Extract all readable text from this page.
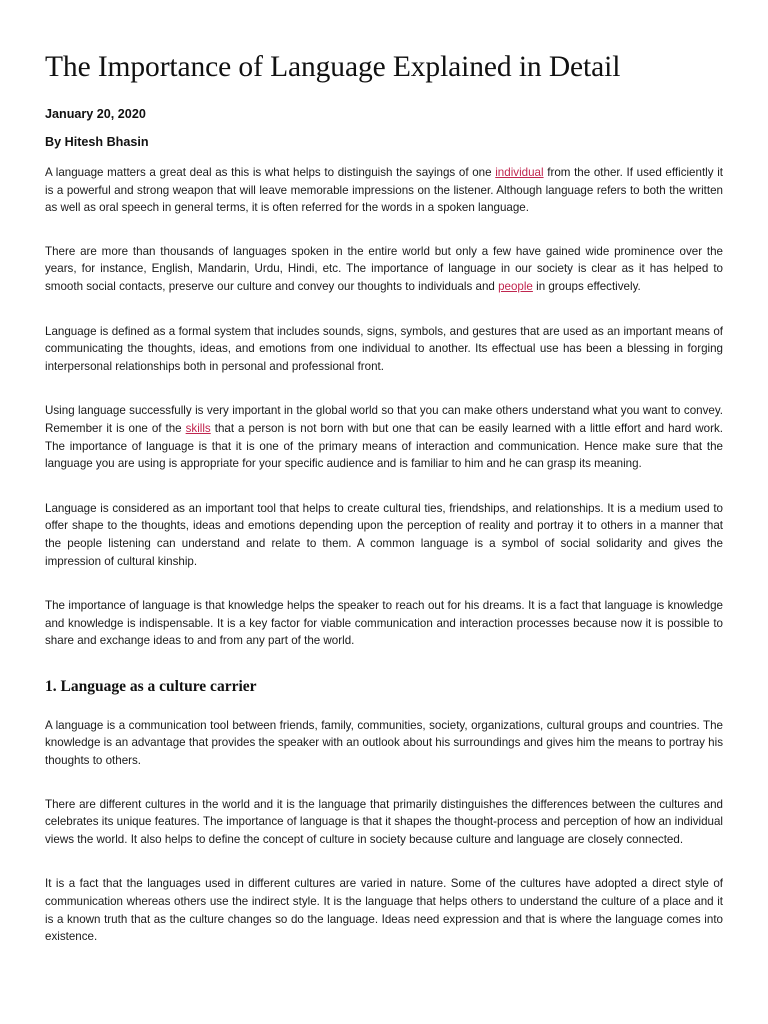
The Importance of Language Explained in Detail
January 20, 2020
By Hitesh Bhasin

A language matters a great deal as this is what helps to distinguish the sayings of one individual from the other. If used efficiently it is a powerful and strong weapon that will leave memorable impressions on the listener. Although language refers to both the written as well as oral speech in general terms, it is often referred for the words in a spoken language.

There are more than thousands of languages spoken in the entire world but only a few have gained wide prominence over the years, for instance, English, Mandarin, Urdu, Hindi, etc. The importance of language in our society is clear as it has helped to smooth social contacts, preserve our culture and convey our thoughts to individuals and people in groups effectively.

Language is defined as a formal system that includes sounds, signs, symbols, and gestures that are used as an important means of communicating the thoughts, ideas, and emotions from one individual to another. Its effectual use has been a blessing in forging interpersonal relationships both in personal and professional front.

Using language successfully is very important in the global world so that you can make others understand what you want to convey. Remember it is one of the skills that a person is not born with but one that can be easily learned with a little effort and hard work. The importance of language is that it is one of the primary means of interaction and communication. Hence make sure that the language you are using is appropriate for your specific audience and is familiar to him and he can grasp its meaning.

Language is considered as an important tool that helps to create cultural ties, friendships, and relationships. It is a medium used to offer shape to the thoughts, ideas and emotions depending upon the perception of reality and portray it to others in a manner that the people listening can understand and relate to them. A common language is a symbol of social solidarity and gives the impression of cultural kinship.

The importance of language is that knowledge helps the speaker to reach out for his dreams. It is a fact that language is knowledge and knowledge is indispensable. It is a key factor for viable communication and interaction processes because now it is possible to share and exchange ideas to and from any part of the world.

1. Language as a culture carrier

A language is a communication tool between friends, family, communities, society, organizations, cultural groups and countries. The knowledge is an advantage that provides the speaker with an outlook about his surroundings and gives him the means to portray his thoughts to others.

There are different cultures in the world and it is the language that primarily distinguishes the differences between the cultures and celebrates its unique features. The importance of language is that it shapes the thought-process and perception of how an individual views the world. It also helps to define the concept of culture in society because culture and language are closely connected.

It is a fact that the languages used in different cultures are varied in nature. Some of the cultures have adopted a direct style of communication whereas others use the indirect style. It is the language that helps others to understand the culture of a place and it is a known truth that as the culture changes so do the language. Ideas need expression and that is where the language comes into existence.
